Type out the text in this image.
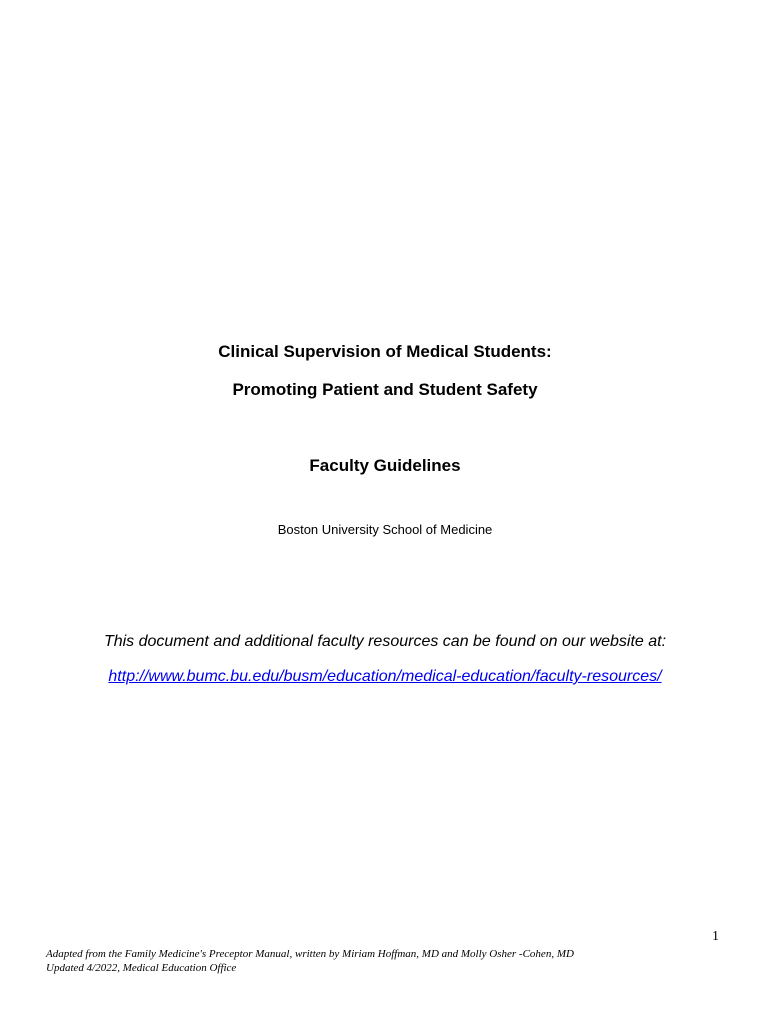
Clinical Supervision of Medical Students:
Promoting Patient and Student Safety
Faculty Guidelines
Boston University School of Medicine
This document and additional faculty resources can be found on our website at:
http://www.bumc.bu.edu/busm/education/medical-education/faculty-resources/
1
Adapted from the Family Medicine's Preceptor Manual, written by Miriam Hoffman, MD and Molly Osher -Cohen, MD
Updated 4/2022, Medical Education Office
